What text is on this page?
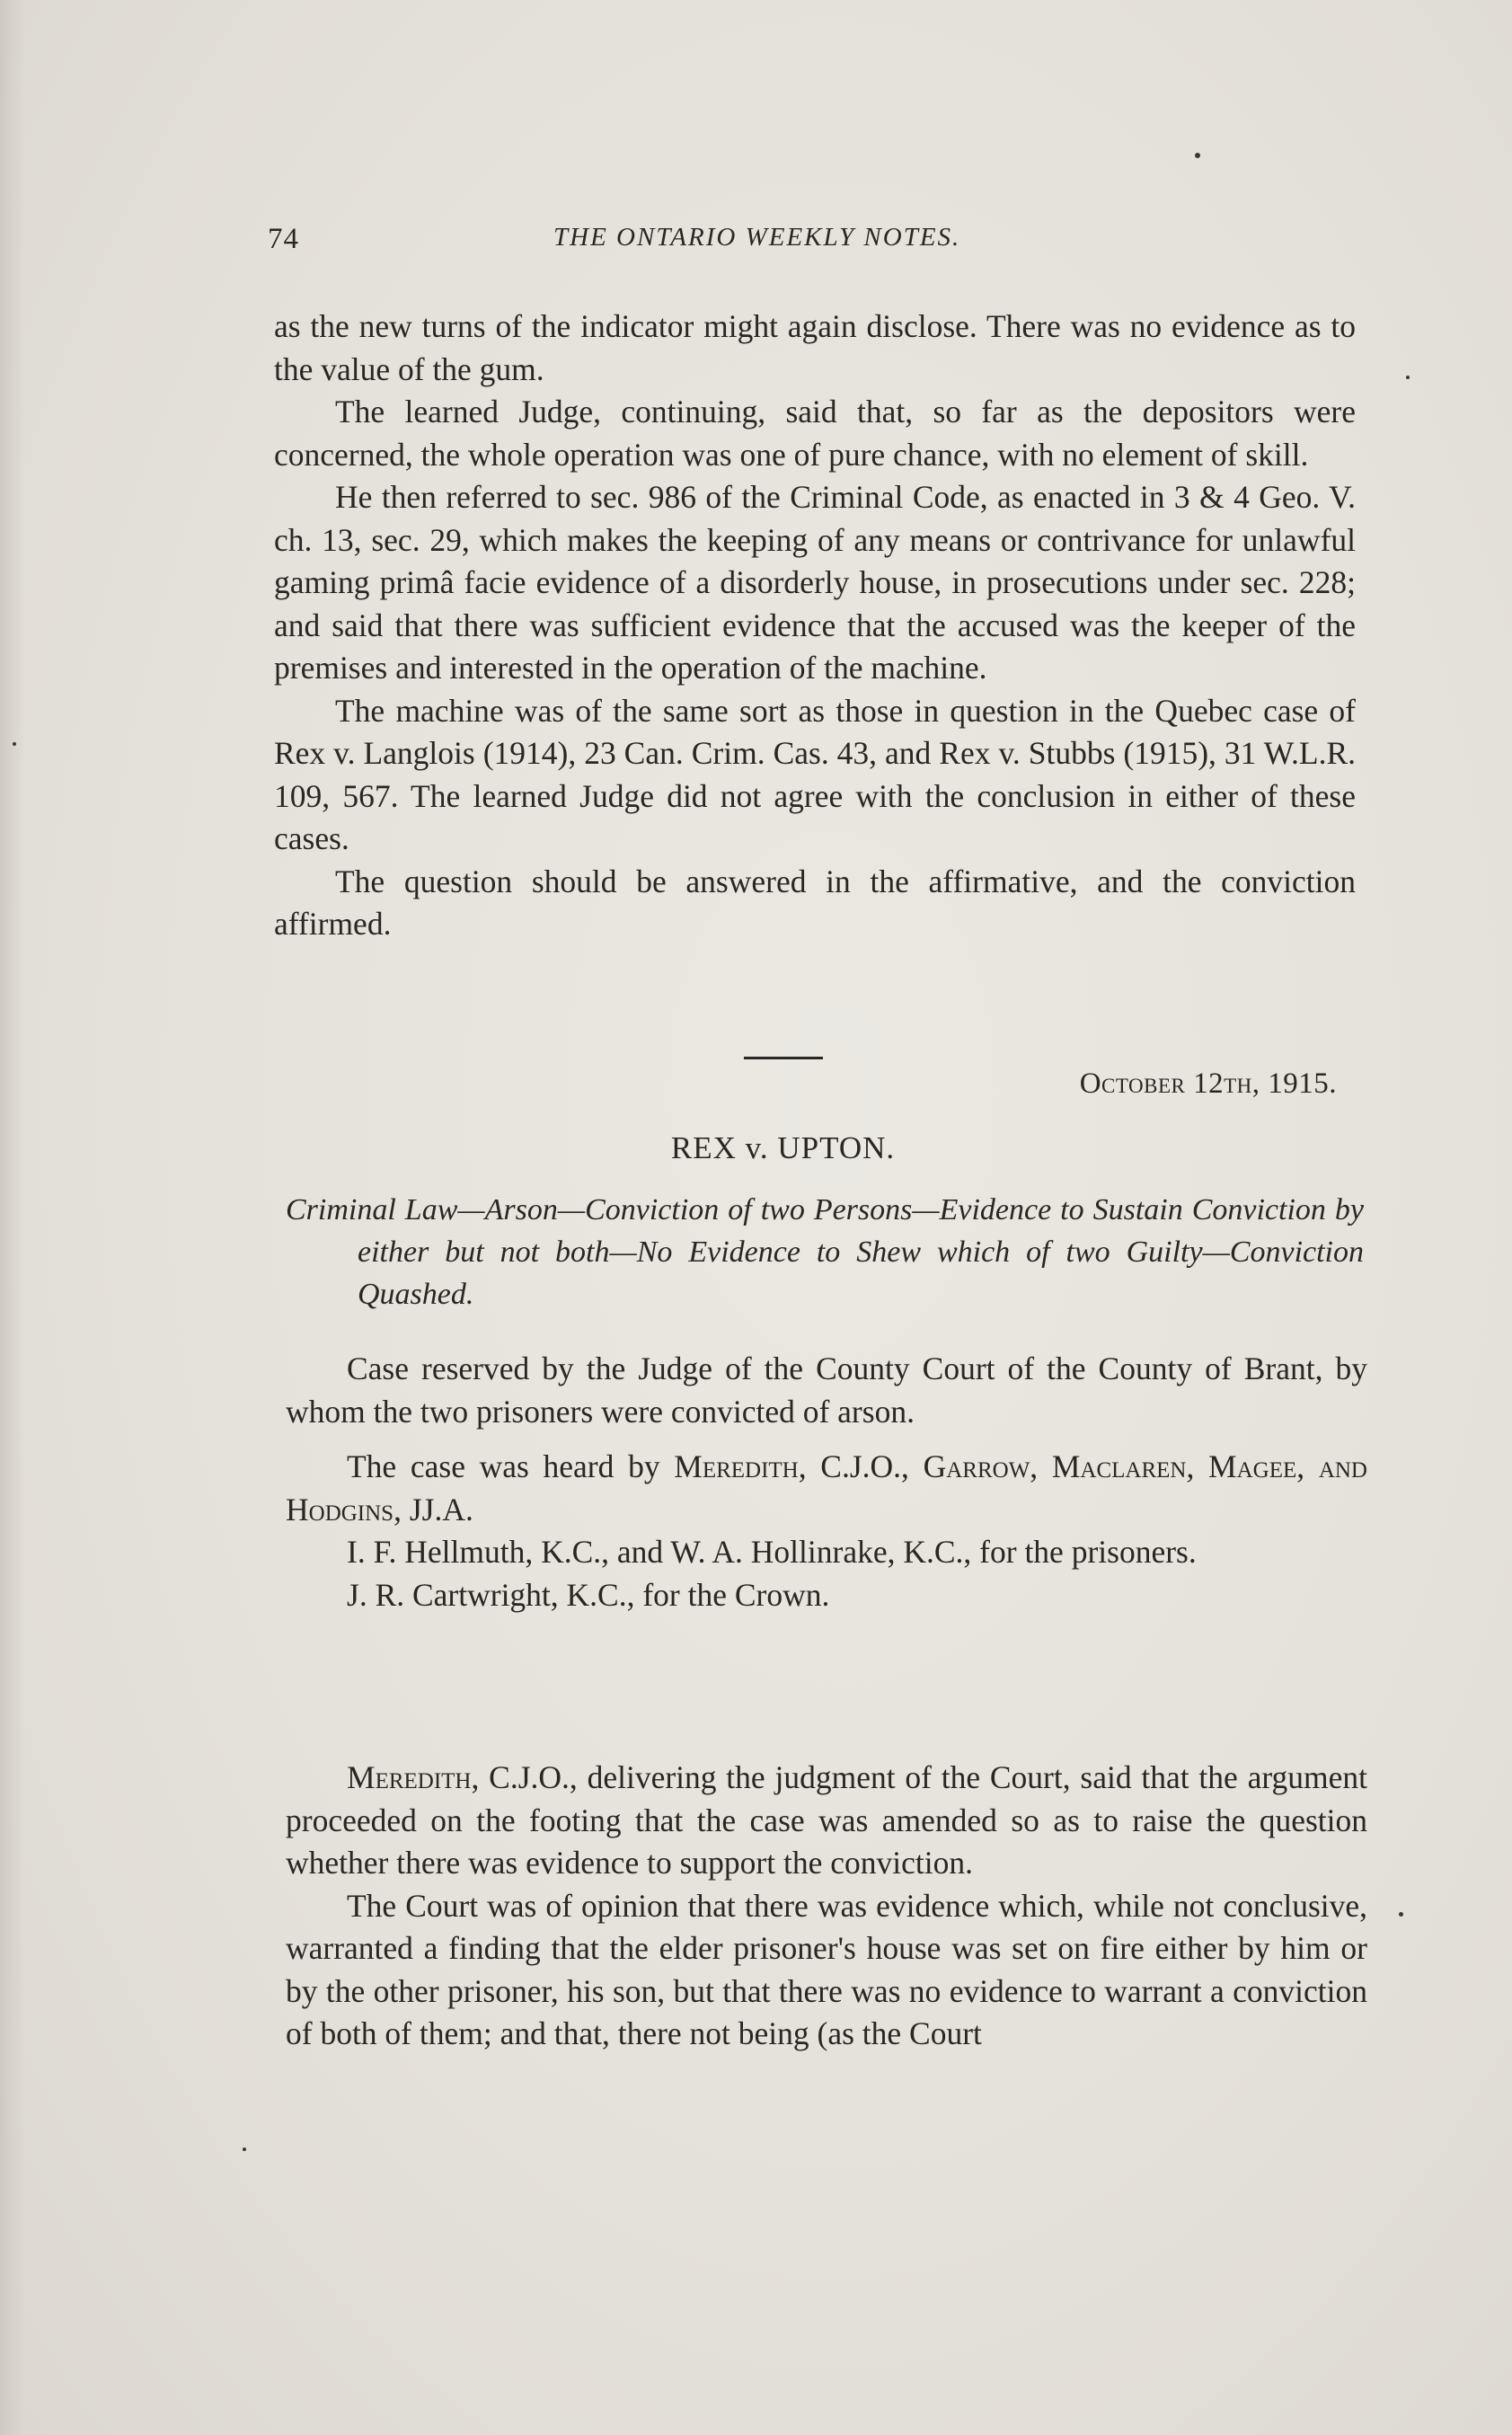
74	THE ONTARIO WEEKLY NOTES.

as the new turns of the indicator might again disclose. There was no evidence as to the value of the gum.

The learned Judge, continuing, said that, so far as the depositors were concerned, the whole operation was one of pure chance, with no element of skill.

He then referred to sec. 986 of the Criminal Code, as enacted in 3 & 4 Geo. V. ch. 13, sec. 29, which makes the keeping of any means or contrivance for unlawful gaming primâ facie evidence of a disorderly house, in prosecutions under sec. 228; and said that there was sufficient evidence that the accused was the keeper of the premises and interested in the operation of the machine.

The machine was of the same sort as those in question in the Quebec case of Rex v. Langlois (1914), 23 Can. Crim. Cas. 43, and Rex v. Stubbs (1915), 31 W.L.R. 109, 567. The learned Judge did not agree with the conclusion in either of these cases.

The question should be answered in the affirmative, and the conviction affirmed.

October 12th, 1915.
REX v. UPTON.
Criminal Law—Arson—Conviction of two Persons—Evidence to Sustain Conviction by either but not both—No Evidence to Shew which of two Guilty—Conviction Quashed.

Case reserved by the Judge of the County Court of the County of Brant, by whom the two prisoners were convicted of arson.

The case was heard by Meredith, C.J.O., Garrow, Maclaren, Magee, and Hodgins, JJ.A.

I. F. Hellmuth, K.C., and W. A. Hollinrake, K.C., for the prisoners.

J. R. Cartwright, K.C., for the Crown.

Meredith, C.J.O., delivering the judgment of the Court, said that the argument proceeded on the footing that the case was amended so as to raise the question whether there was evidence to support the conviction.

The Court was of opinion that there was evidence which, while not conclusive, warranted a finding that the elder prisoner's house was set on fire either by him or by the other prisoner, his son, but that there was no evidence to warrant a conviction of both of them; and that, there not being (as the Court
